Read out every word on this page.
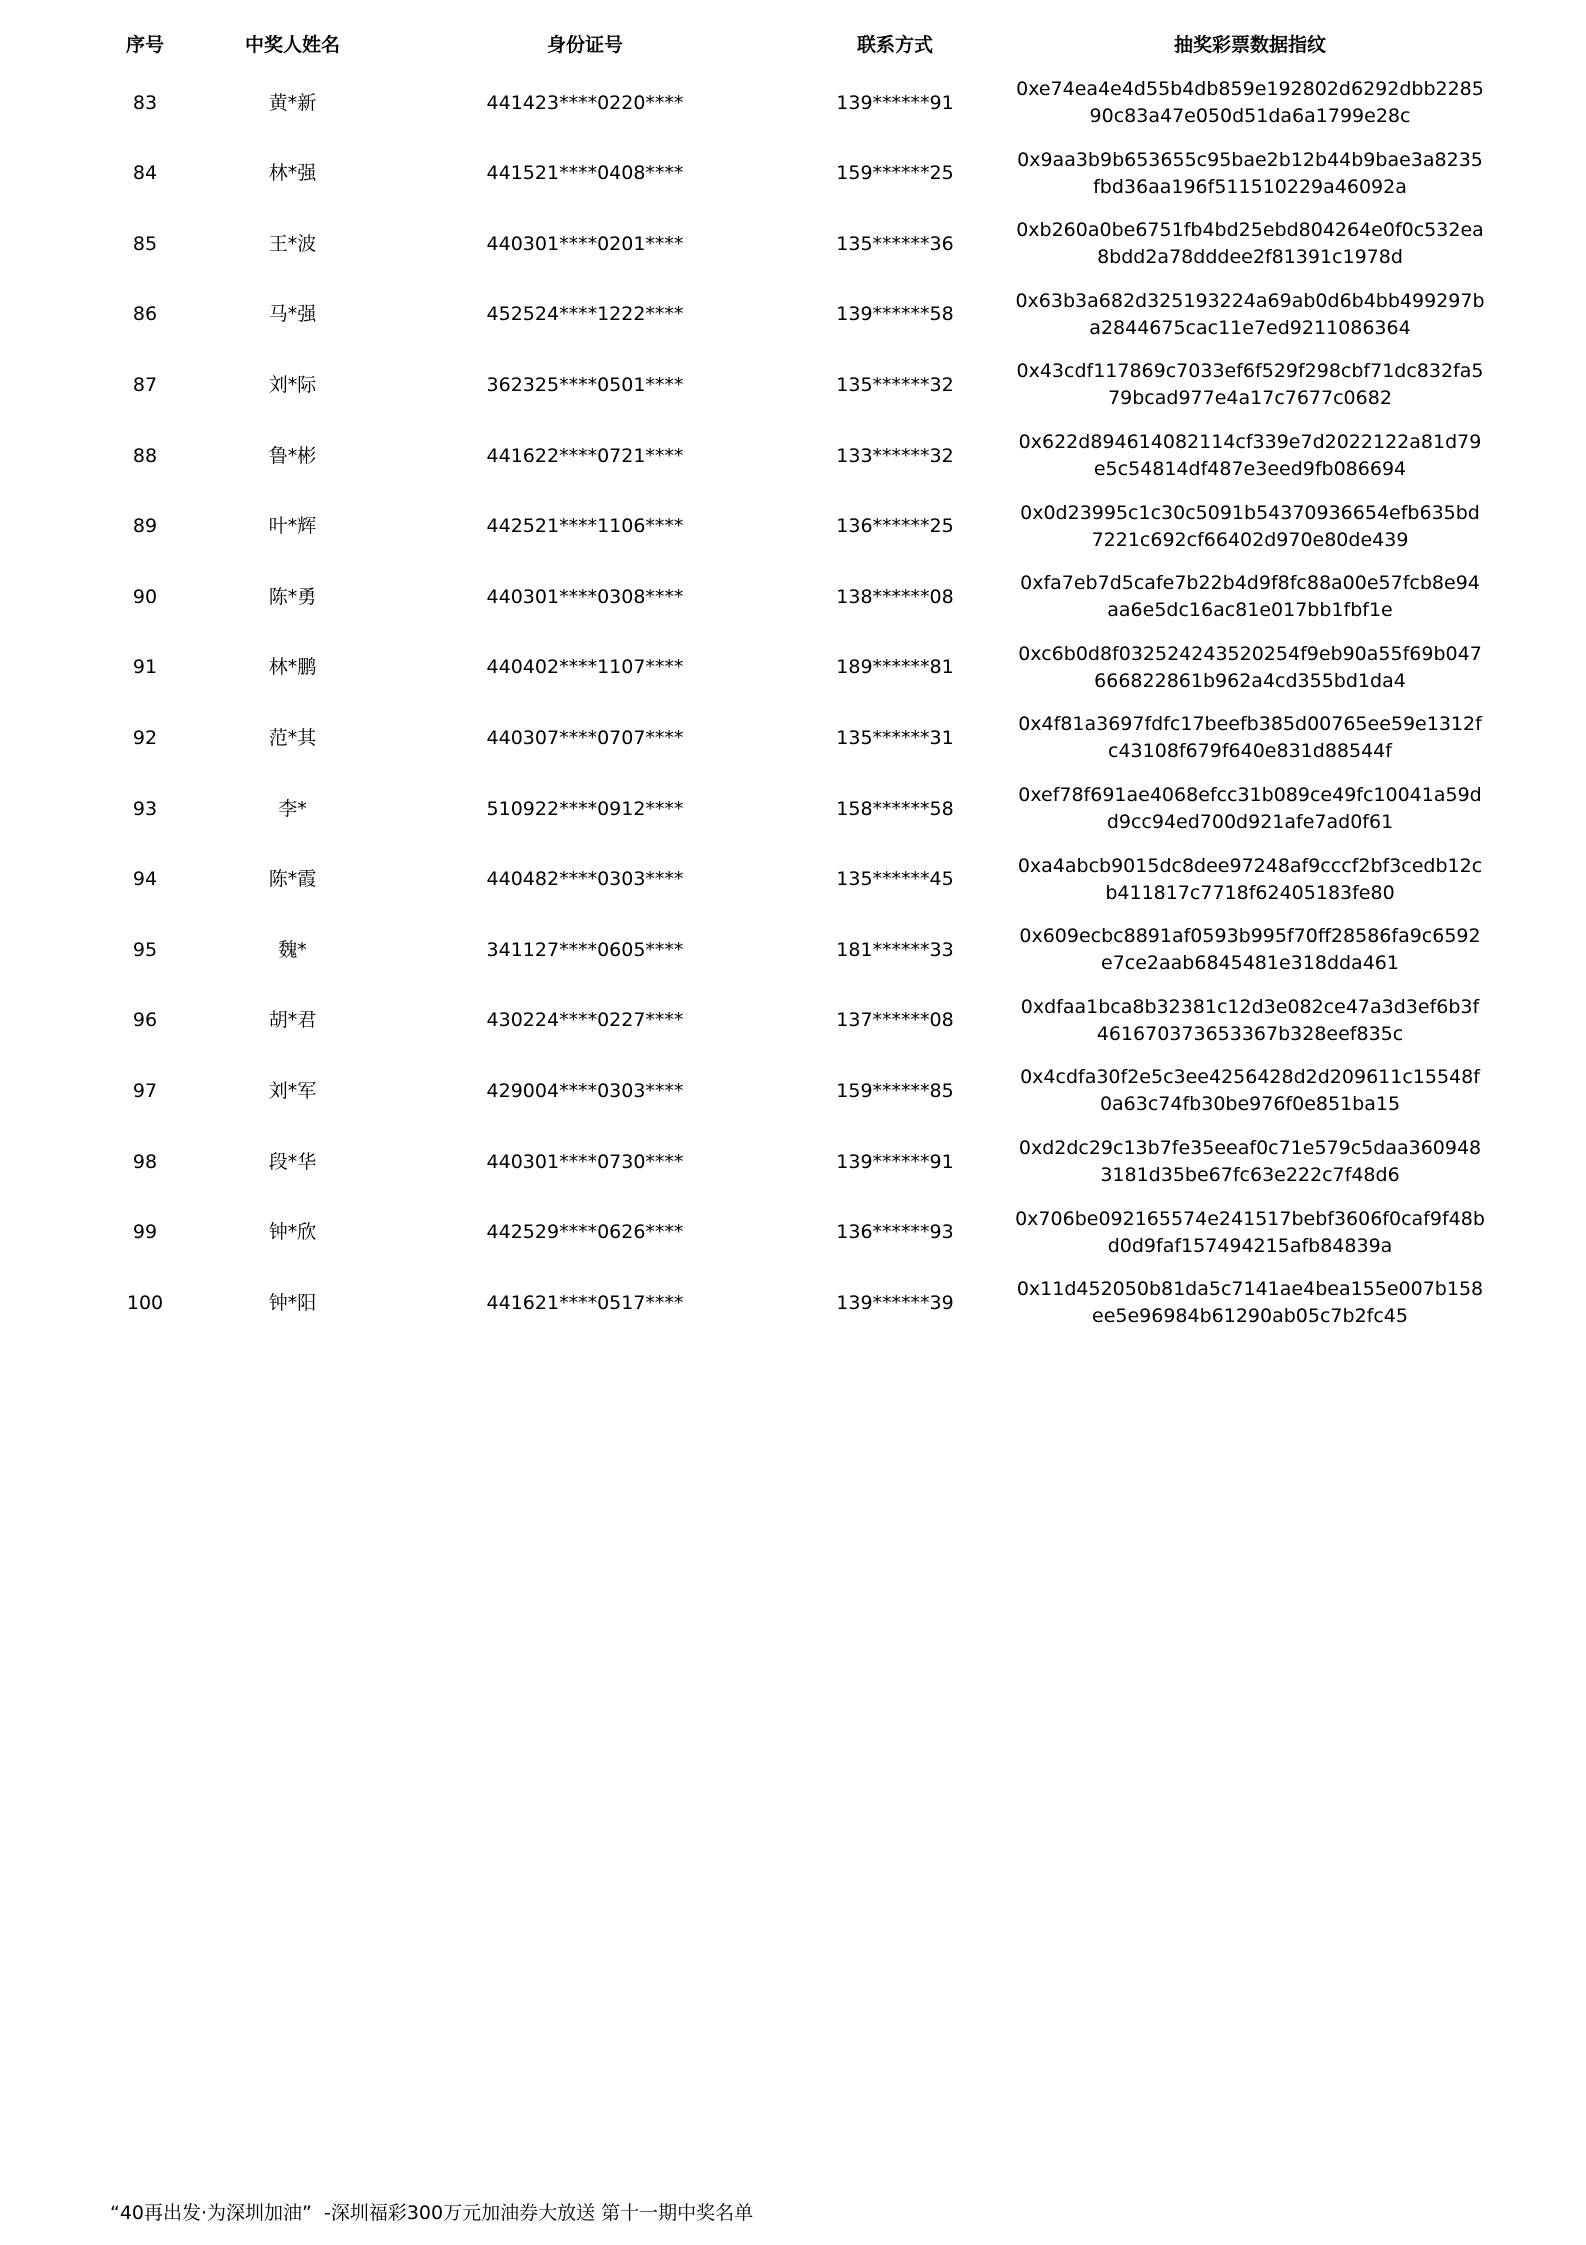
序号	中奖人姓名	身份证号	联系方式	抽奖彩票数据指纹
83	黄*新	441423****0220****	139******91
0xe74ea4e4d55b4db859e192802d6292dbb228590c83a47e050d51da6a1799e28c
84	林*强	441521****0408****	159******25
0x9aa3b9b653655c95bae2b12b44b9bae3a8235fbd36aa196f511510229a46092a
85	王*波	440301****0201****	135******36
0xb260a0be6751fb4bd25ebd804264e0f0c532ea8bdd2a78dddee2f81391c1978d
86	马*强	452524****1222****	139******58
0x63b3a682d325193224a69ab0d6b4bb499297ba2844675cac11e7ed9211086364
87	刘*际	362325****0501****	135******32
0x43cdf117869c7033ef6f529f298cbf71dc832fa579bcad977e4a17c7677c0682
88	鲁*彬	441622****0721****	133******32
0x622d894614082114cf339e7d2022122a81d79e5c54814df487e3eed9fb086694
89	叶*辉	442521****1106****	136******25
0x0d23995c1c30c5091b54370936654efb635bd7221c692cf66402d970e80de439
90	陈*勇	440301****0308****	138******08
0xfa7eb7d5cafe7b22b4d9f8fc88a00e57fcb8e94aa6e5dc16ac81e017bb1fbf1e
91	林*鹏	440402****1107****	189******81
0xc6b0d8f032524243520254f9eb90a55f69b047666822861b962a4cd355bd1da4
92	范*其	440307****0707****	135******31
0x4f81a3697fdfc17beefb385d00765ee59e1312fc43108f679f640e831d88544f
93	李*	510922****0912****	158******58
0xef78f691ae4068efcc31b089ce49fc10041a59dd9cc94ed700d921afe7ad0f61
94	陈*霞	440482****0303****	135******45
0xa4abcb9015dc8dee97248af9cccf2bf3cedb12cb411817c7718f62405183fe80
95	魏*	341127****0605****	181******33
0x609ecbc8891af0593b995f70ff28586fa9c6592e7ce2aab6845481e318dda461
96	胡*君	430224****0227****	137******08
0xdfaa1bca8b32381c12d3e082ce47a3d3ef6b3f461670373653367b328eef835c
97	刘*军	429004****0303****	159******85
0x4cdfa30f2e5c3ee4256428d2d209611c15548f0a63c74fb30be976f0e851ba15
98	段*华	440301****0730****	139******91
0xd2dc29c13b7fe35eeaf0c71e579c5daa3609483181d35be67fc63e222c7f48d6
99	钟*欣	442529****0626****	136******93
0x706be092165574e241517bebf3606f0caf9f48bd0d9faf157494215afb84839a
100	钟*阳	441621****0517****	139******39
0x11d452050b81da5c7141ae4bea155e007b158ee5e96984b61290ab05c7b2fc45
“40再出发·为深圳加油”  -深圳福彩300万元加油券大放送 第十一期中奖名单
